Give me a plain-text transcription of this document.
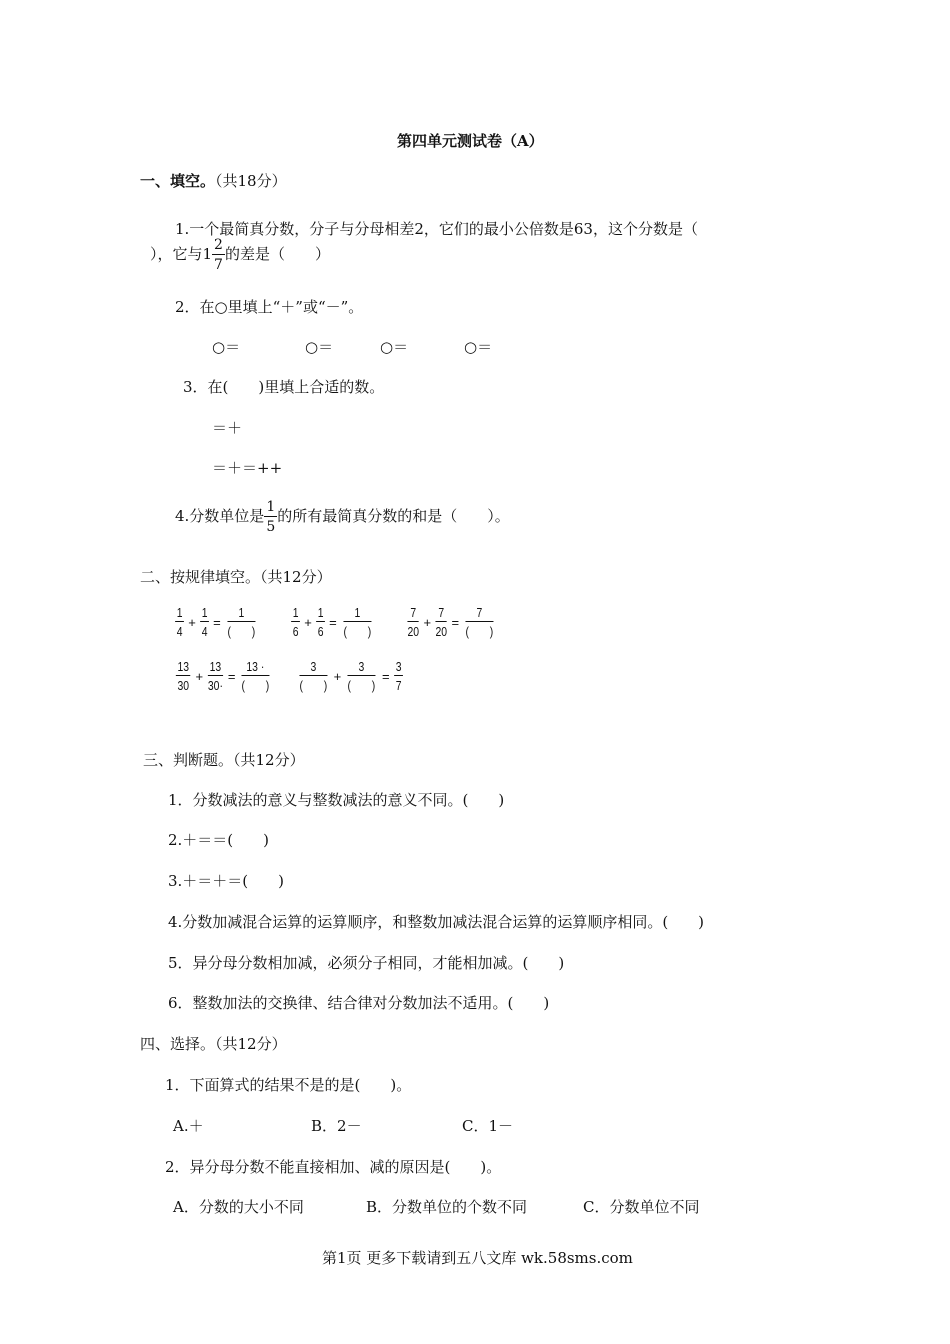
第四单元测试卷（A）
一、填空。（共18分）
1.一个最简真分数，分子与分母相差2，它们的最小公倍数是63，这个分数是（
），它与$1 \frac{2}{7}$ 的差是（　　）
2．在○里填上“＋”或“－”。
○＝	○＝	○＝	○＝
3．在(　　)里填上合适的数。
＝＋
＝＋＝++
4.分数单位是 $\frac{1}{5}$ 的所有最简真分数的和是（　　）。
二、按规律填空。（共12分）
$\frac{1}{4} + \frac{1}{4}$ =
1
(　　)	$\frac{1}{6} + \frac{1}{6}$ =
1
(　　)	$\frac{7}{20} + \frac{7}{20}$ =
7
(　　)
$\frac{13}{30} + \frac{13}{30\cdot}$ =
13 ·
(　　)
3
(　　)
+
3
(　　)
= $\frac{3}{7}$
三、判断题。（共12分）
1．分数减法的意义与整数减法的意义不同。(　　)
2.＋＝＝(　　)
3.＋＝＋＝(　　)
4.分数加减混合运算的运算顺序，和整数加减法混合运算的运算顺序相同。(　　)
5．异分母分数相加减，必须分子相同，才能相加减。(　　)
6．整数加法的交换律、结合律对分数加法不适用。(　　)
四、选择。（共12分）
1．下面算式的结果不是的是(　　)。
A.＋	B．2－	C．1－
2．异分母分数不能直接相加、减的原因是(　　)。
A．分数的大小不同	B．分数单位的个数不同	C．分数单位不同
第1页 更多下载请到五八文库 wk.58sms.com
